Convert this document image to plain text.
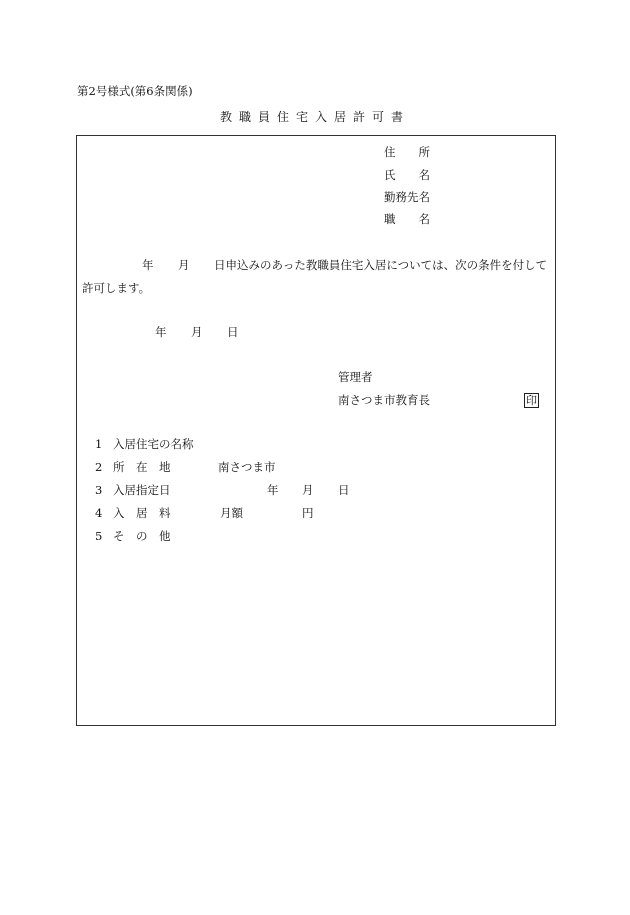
第2号様式(第6条関係)
教職員住宅入居許可書
住　　所
氏　　名
勤務先名
職　　名
年 月 日申込みのあった教職員住宅入居については、次の条件を付して
許可します。
年 月 日
管理者
南さつま市教育長	印
1 入居住宅の名称
2 所　在　地	南さつま市
3 入居指定日	年 月 日
4 入　居　料	月額	円
5 そ　の　他
